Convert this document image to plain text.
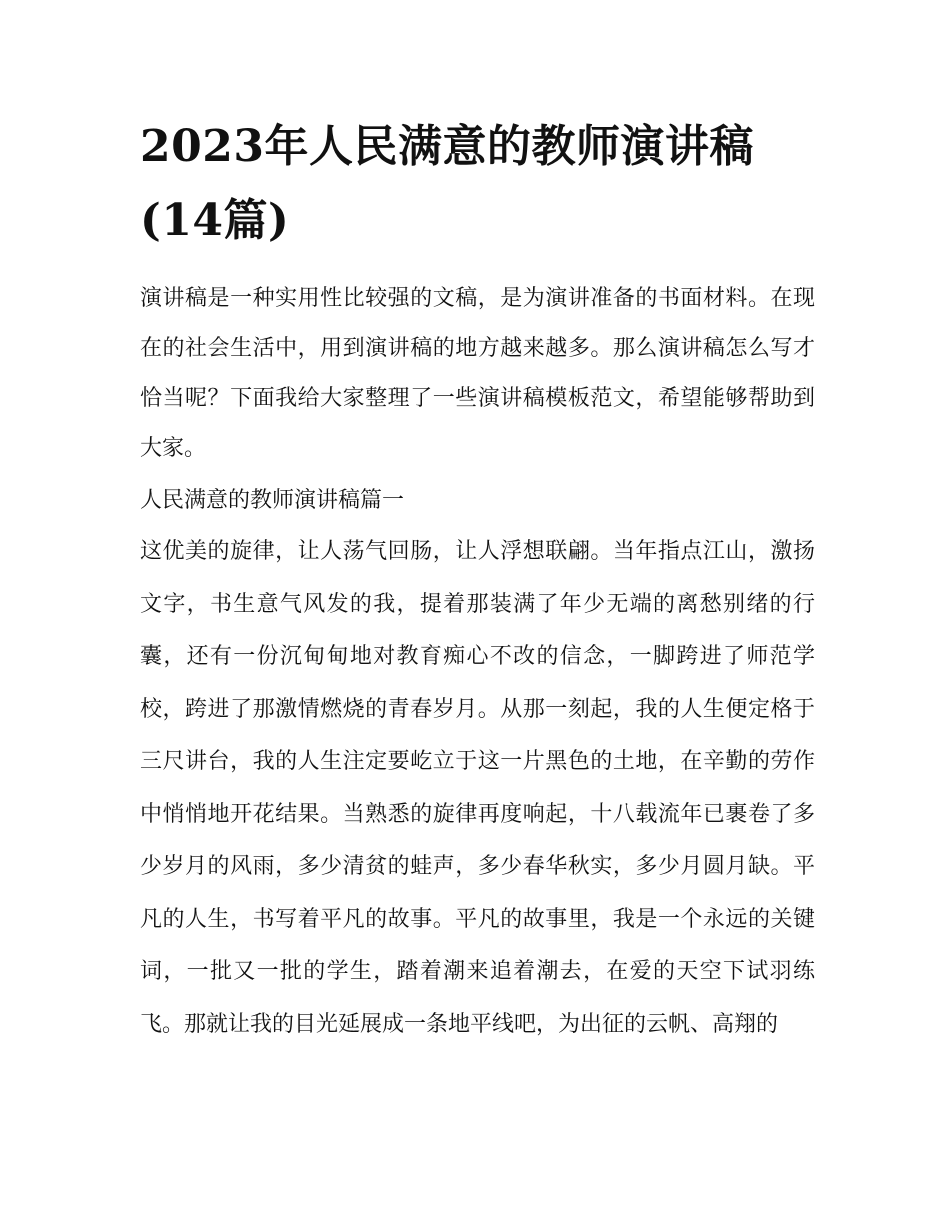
2023年人民满意的教师演讲稿(14篇)

演讲稿是一种实用性比较强的文稿，是为演讲准备的书面材料。在现在的社会生活中，用到演讲稿的地方越来越多。那么演讲稿怎么写才恰当呢？下面我给大家整理了一些演讲稿模板范文，希望能够帮助到大家。

人民满意的教师演讲稿篇一

这优美的旋律，让人荡气回肠，让人浮想联翩。当年指点江山，激扬文字，书生意气风发的我，提着那装满了年少无端的离愁别绪的行囊，还有一份沉甸甸地对教育痴心不改的信念，一脚跨进了师范学校，跨进了那激情燃烧的青春岁月。从那一刻起，我的人生便定格于三尺讲台，我的人生注定要屹立于这一片黑色的土地，在辛勤的劳作中悄悄地开花结果。当熟悉的旋律再度响起，十八载流年已裹卷了多少岁月的风雨，多少清贫的蛙声，多少春华秋实，多少月圆月缺。平凡的人生，书写着平凡的故事。平凡的故事里，我是一个永远的关键词，一批又一批的学生，踏着潮来追着潮去，在爱的天空下试羽练飞。那就让我的目光延展成一条地平线吧，为出征的云帆、高翔的
